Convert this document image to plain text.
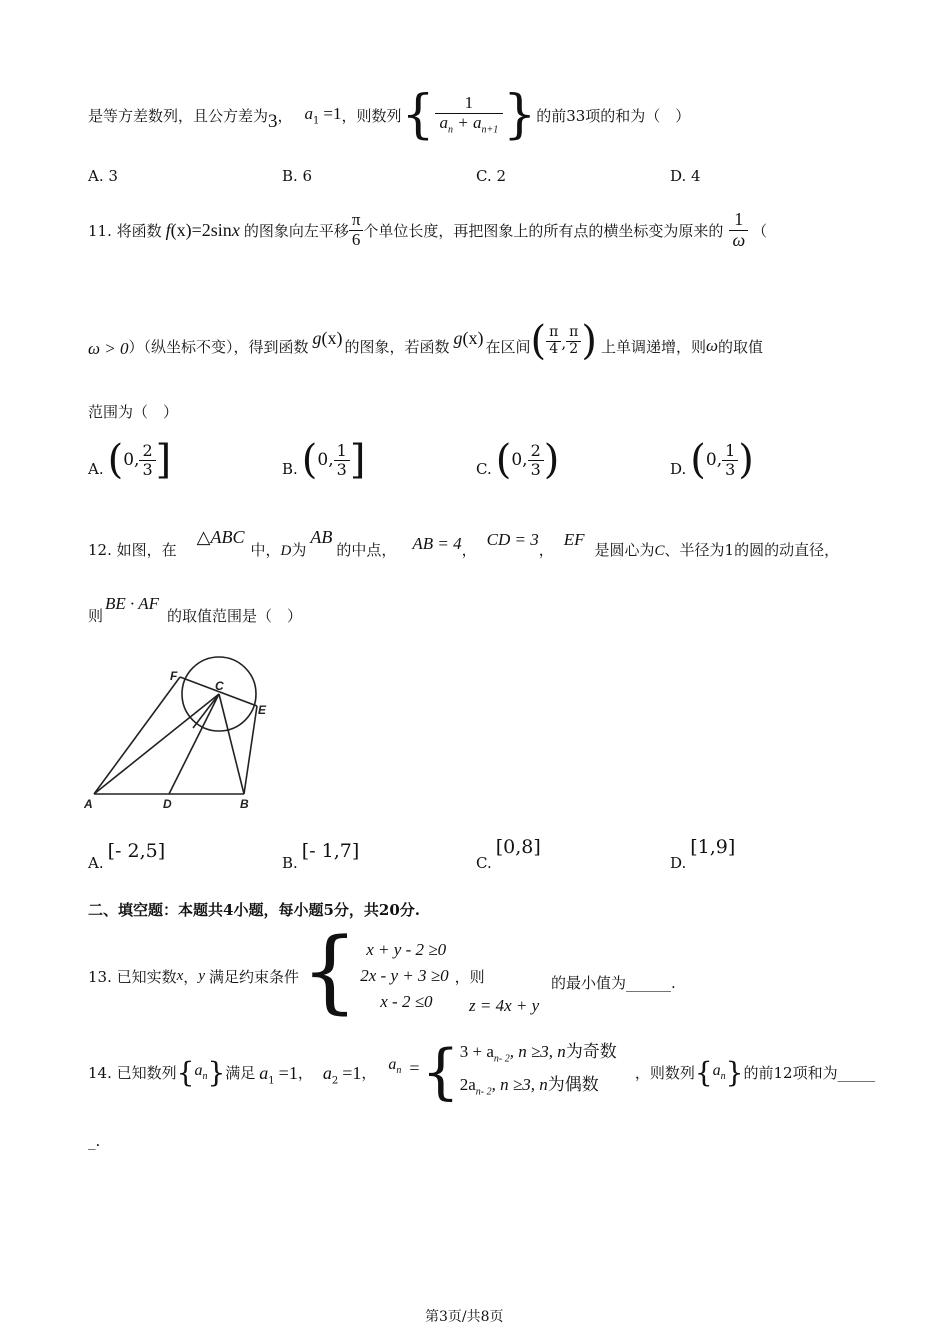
是等方差数列，且公方差为 3 ， $a_1 =1$ ，则数列 { $\frac{1}{a_n + a_{n+1}}$ } 的前33项的和为（　）
A. 3	B. 6	C. 2	D. 4
11. 将函数 f(x)=2sinx 的图象向左平移 $\frac{\pi}{6}$ 个单位长度，再把图象上的所有点的横坐标变为原来的 $\frac{1}{\omega}$ （
ω > 0 ）（纵坐标不变），得到函数 g(x) 的图象，若函数 g(x) 在区间 ( $\frac{\pi}{4}$ , $\frac{\pi}{2}$ ) 上单调递增，则 ω 的取值
范围为（　）
A. ( 0, $\frac{2}{3}$ ]	B. ( 0, $\frac{1}{3}$ ]	C. ( 0, $\frac{2}{3}$ )	D. ( 0, $\frac{1}{3}$ )
12. 如图，在
△ABC
中， D 为
AB
的中点， AB = 4 ，
CD = 3
，
EF
是圆心为 C 、半径为1的圆的动直径，
则
BE · AF
的取值范围是（　）
A	D	B
C
E
F
A.
[- 2,5]
B.
[- 1,7]
C.
[0,8]
D.
[1,9]
二、填空题：本题共4小题，每小题5分，共20分.
13. 已知实数 x ， y 满足约束条件 { x + y - 2 ≥0
2x - y + 3 ≥0
x - 2 ≤0
，则
z = 4x + y
的最小值为______.
14. 已知数列 { $a_n$ } 满足 $a_1 =1$ ， $a_2 =1$ ， $a_n$ = { $3 + a_{n- 2}$, n ≥3, n为奇数
$2a_{n- 2}$, n ≥3, n为偶数
，则数列 { $a_n$ } 的前12项和为_____
_.
第3页/共8页
